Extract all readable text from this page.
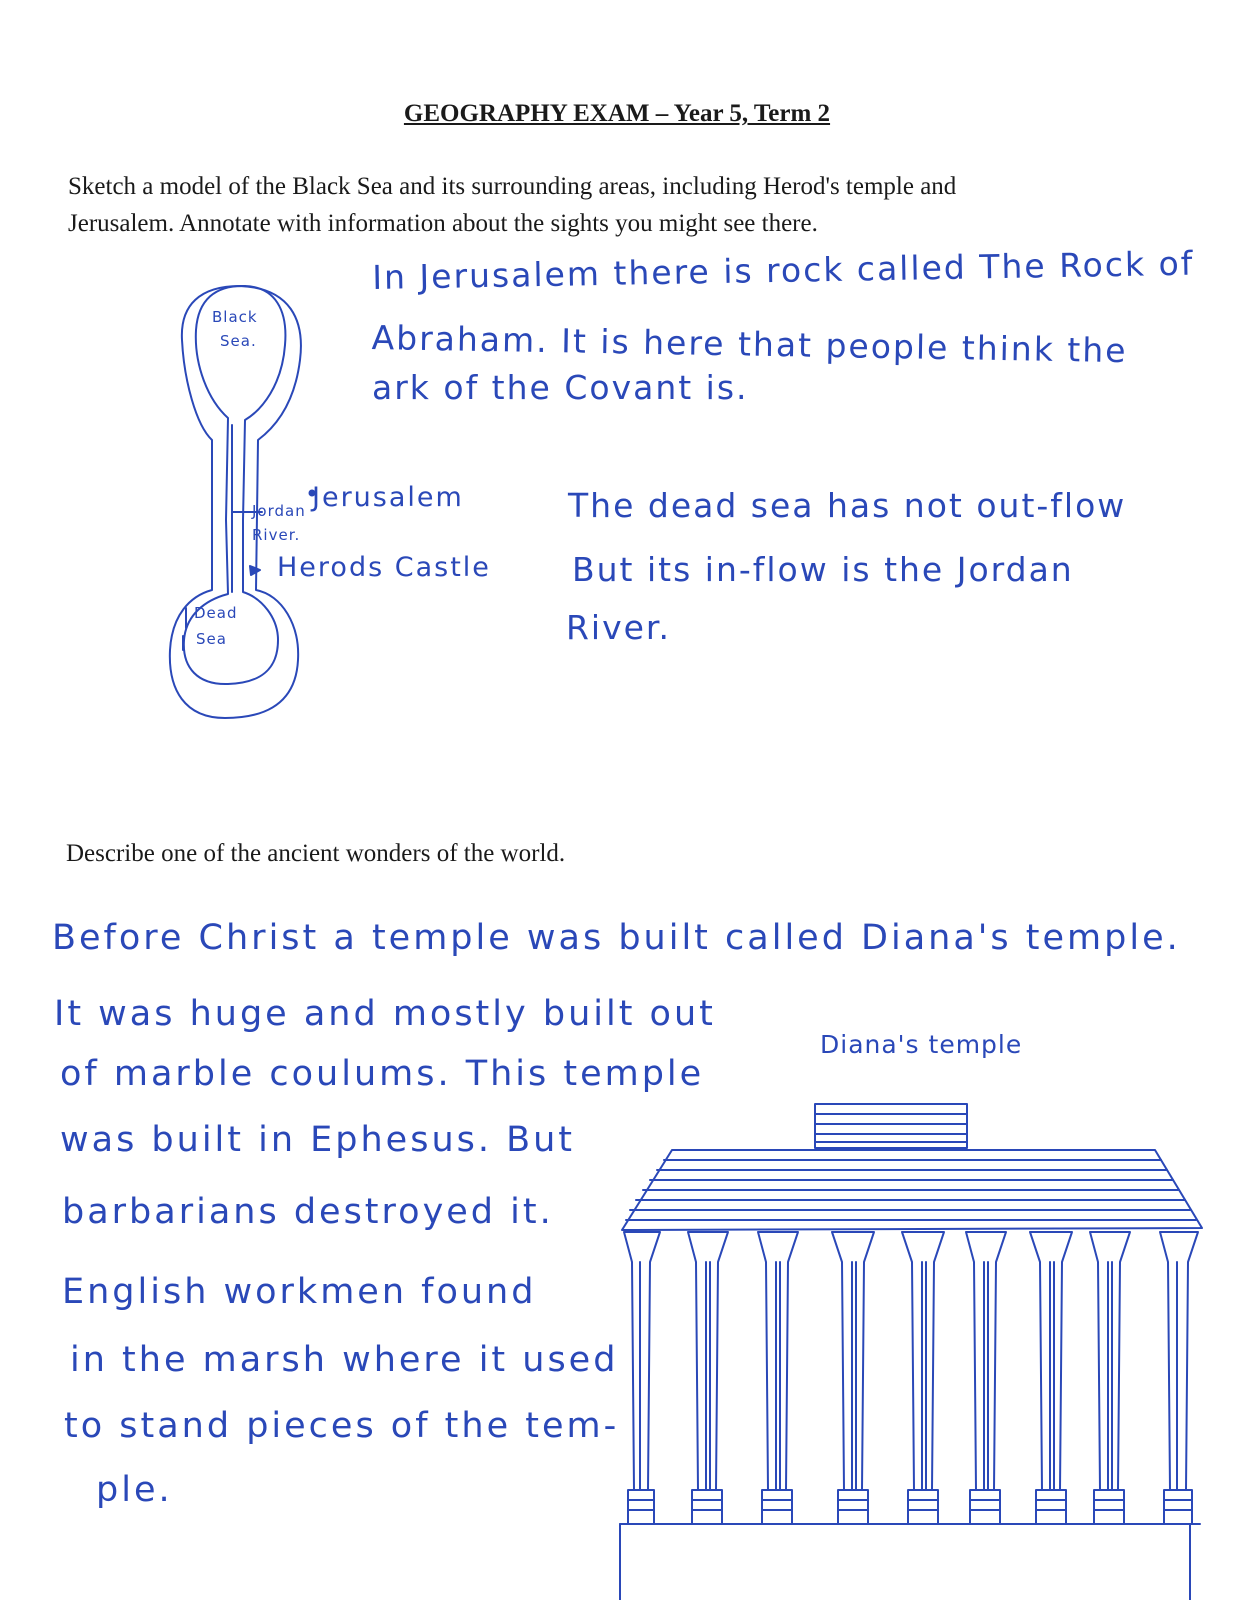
GEOGRAPHY EXAM – Year 5, Term 2
Sketch a model of the Black Sea and its surrounding areas, including Herod's temple and
Jerusalem. Annotate with information about the sights you might see there.
Black
Sea.
Jerusalem
Jordan
River.
Herods Castle
Dead
Sea
In Jerusalem there is rock called The Rock of
Abraham. It is here that people think the
ark of the Covant is.
The dead sea has not out-flow
But its in-flow is the Jordan
River.
Describe one of the ancient wonders of the world.
Before Christ a temple was built called Diana's temple.
It was huge and mostly built out
of marble coulums. This temple
was built in Ephesus. But
barbarians destroyed it.
English workmen found
in the marsh where it used
to stand pieces of the tem-
ple.
Diana's temple
